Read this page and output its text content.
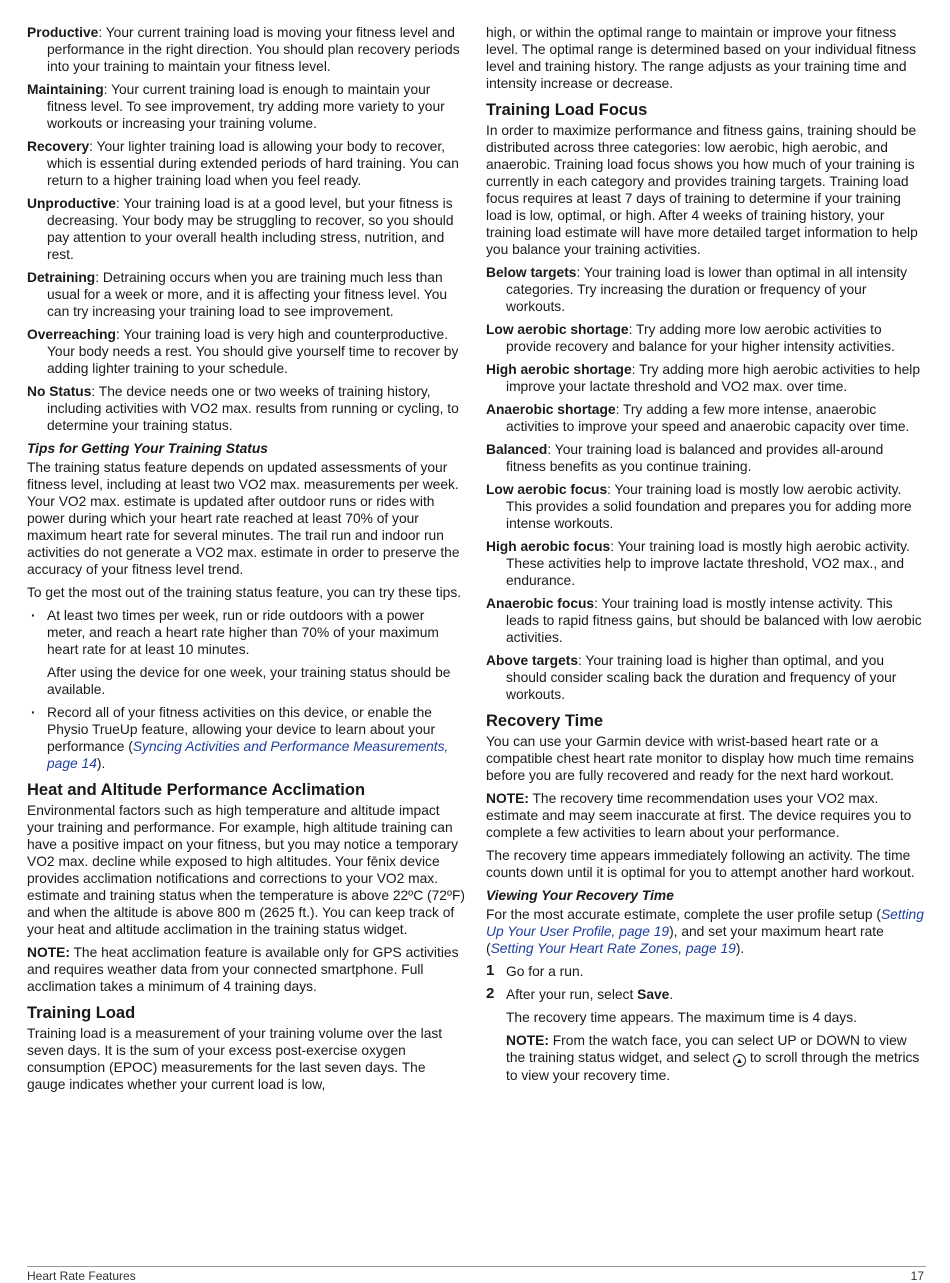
Productive: Your current training load is moving your fitness level and performance in the right direction. You should plan recovery periods into your training to maintain your fitness level.

Maintaining: Your current training load is enough to maintain your fitness level. To see improvement, try adding more variety to your workouts or increasing your training volume.

Recovery: Your lighter training load is allowing your body to recover, which is essential during extended periods of hard training. You can return to a higher training load when you feel ready.

Unproductive: Your training load is at a good level, but your fitness is decreasing. Your body may be struggling to recover, so you should pay attention to your overall health including stress, nutrition, and rest.

Detraining: Detraining occurs when you are training much less than usual for a week or more, and it is affecting your fitness level. You can try increasing your training load to see improvement.

Overreaching: Your training load is very high and counterproductive. Your body needs a rest. You should give yourself time to recover by adding lighter training to your schedule.

No Status: The device needs one or two weeks of training history, including activities with VO2 max. results from running or cycling, to determine your training status.

Tips for Getting Your Training Status

The training status feature depends on updated assessments of your fitness level, including at least two VO2 max. measurements per week. Your VO2 max. estimate is updated after outdoor runs or rides with power during which your heart rate reached at least 70% of your maximum heart rate for several minutes. The trail run and indoor run activities do not generate a VO2 max. estimate in order to preserve the accuracy of your fitness level trend.

To get the most out of the training status feature, you can try these tips.

· At least two times per week, run or ride outdoors with a power meter, and reach a heart rate higher than 70% of your maximum heart rate for at least 10 minutes.
After using the device for one week, your training status should be available.
· Record all of your fitness activities on this device, or enable the Physio TrueUp feature, allowing your device to learn about your performance (Syncing Activities and Performance Measurements, page 14).
Heat and Altitude Performance Acclimation

Environmental factors such as high temperature and altitude impact your training and performance. For example, high altitude training can have a positive impact on your fitness, but you may notice a temporary VO2 max. decline while exposed to high altitudes. Your fēnix device provides acclimation notifications and corrections to your VO2 max. estimate and training status when the temperature is above 22ºC (72ºF) and when the altitude is above 800 m (2625 ft.). You can keep track of your heat and altitude acclimation in the training status widget.

NOTE: The heat acclimation feature is available only for GPS activities and requires weather data from your connected smartphone. Full acclimation takes a minimum of 4 training days.

Training Load

Training load is a measurement of your training volume over the last seven days. It is the sum of your excess post-exercise oxygen consumption (EPOC) measurements for the last seven days. The gauge indicates whether your current load is low,

high, or within the optimal range to maintain or improve your fitness level. The optimal range is determined based on your individual fitness level and training history. The range adjusts as your training time and intensity increase or decrease.

Training Load Focus

In order to maximize performance and fitness gains, training should be distributed across three categories: low aerobic, high aerobic, and anaerobic. Training load focus shows you how much of your training is currently in each category and provides training targets. Training load focus requires at least 7 days of training to determine if your training load is low, optimal, or high. After 4 weeks of training history, your training load estimate will have more detailed target information to help you balance your training activities.

Below targets: Your training load is lower than optimal in all intensity categories. Try increasing the duration or frequency of your workouts.

Low aerobic shortage: Try adding more low aerobic activities to provide recovery and balance for your higher intensity activities.

High aerobic shortage: Try adding more high aerobic activities to help improve your lactate threshold and VO2 max. over time.

Anaerobic shortage: Try adding a few more intense, anaerobic activities to improve your speed and anaerobic capacity over time.

Balanced: Your training load is balanced and provides all-around fitness benefits as you continue training.

Low aerobic focus: Your training load is mostly low aerobic activity. This provides a solid foundation and prepares you for adding more intense workouts.

High aerobic focus: Your training load is mostly high aerobic activity. These activities help to improve lactate threshold, VO2 max., and endurance.

Anaerobic focus: Your training load is mostly intense activity. This leads to rapid fitness gains, but should be balanced with low aerobic activities.

Above targets: Your training load is higher than optimal, and you should consider scaling back the duration and frequency of your workouts.

Recovery Time

You can use your Garmin device with wrist-based heart rate or a compatible chest heart rate monitor to display how much time remains before you are fully recovered and ready for the next hard workout.

NOTE: The recovery time recommendation uses your VO2 max. estimate and may seem inaccurate at first. The device requires you to complete a few activities to learn about your performance.

The recovery time appears immediately following an activity. The time counts down until it is optimal for you to attempt another hard workout.

Viewing Your Recovery Time

For the most accurate estimate, complete the user profile setup (Setting Up Your User Profile, page 19), and set your maximum heart rate (Setting Your Heart Rate Zones, page 19).

1 Go for a run.
2 After your run, select Save.
The recovery time appears. The maximum time is 4 days.
NOTE: From the watch face, you can select UP or DOWN to view the training status widget, and select ▲ to scroll through the metrics to view your recovery time.
Heart Rate Features	17
